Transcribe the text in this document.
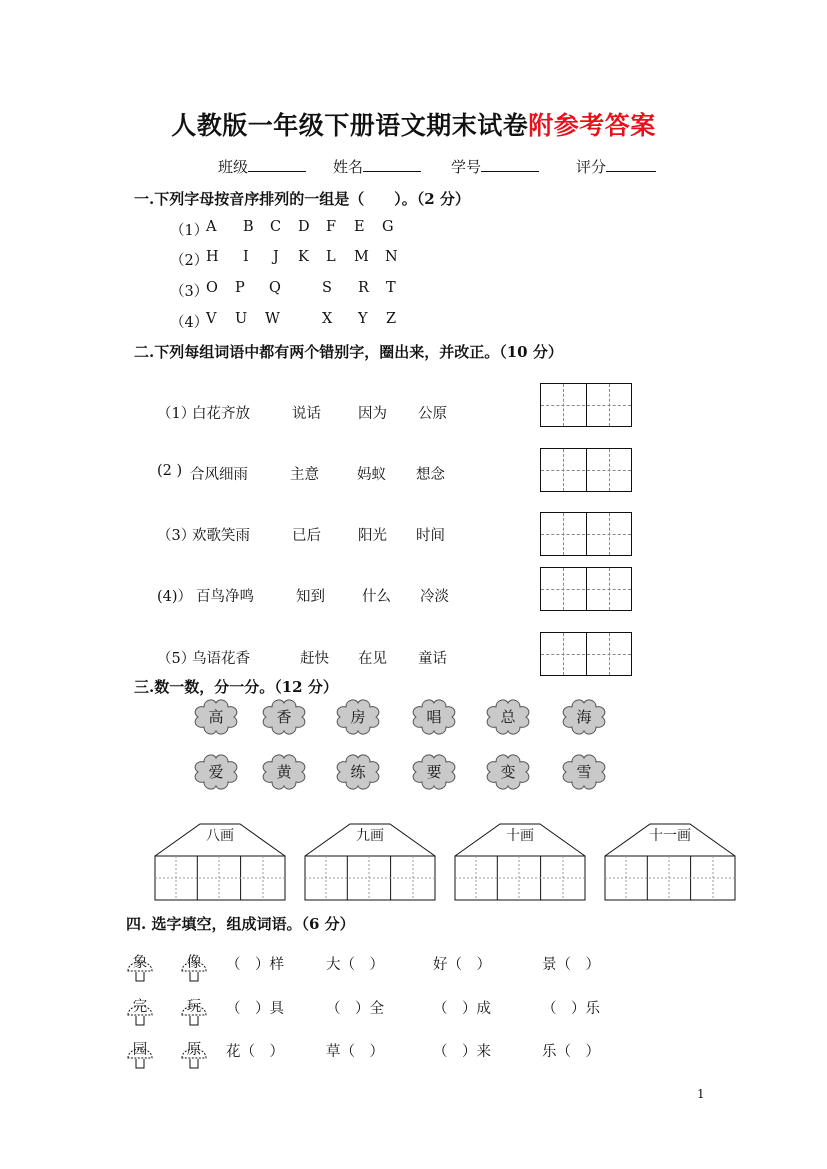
人教版一年级下册语文期末试卷附参考答案
班级	姓名	学号	评分
一.下列字母按音序排列的一组是（　　）。（2 分）
（1）
A B C D F E G
（2）
H I J K L M N
（3）
O P Q	S R T
（4）
V U W	X Y Z
二.下列每组词语中都有两个错别字，圈出来，并改正。（10 分）
（1）
白花齐放	说话	因为 公原
(2 ) 合风细雨	主意	妈蚁 想念
（3）
欢歌笑雨	已后	阳光 时间
(4)） 百鸟净鸣	知到	什么 冷淡
（5）
乌语花香	赶快 在见 童话
三.数一数，分一分。（12 分）
高	香	房	唱	总	海
爱	黄	练	要	变	雪
八画	九画	十画	十一画
四. 选字填空，组成词语。（6 分）
象	像	（　）样	大（　）	好（　）	景（　）
完	玩	（　）具	（　）全	（　）成	（　）乐
园	原	花（　）	草（　）	（　）来	乐（　）
1
